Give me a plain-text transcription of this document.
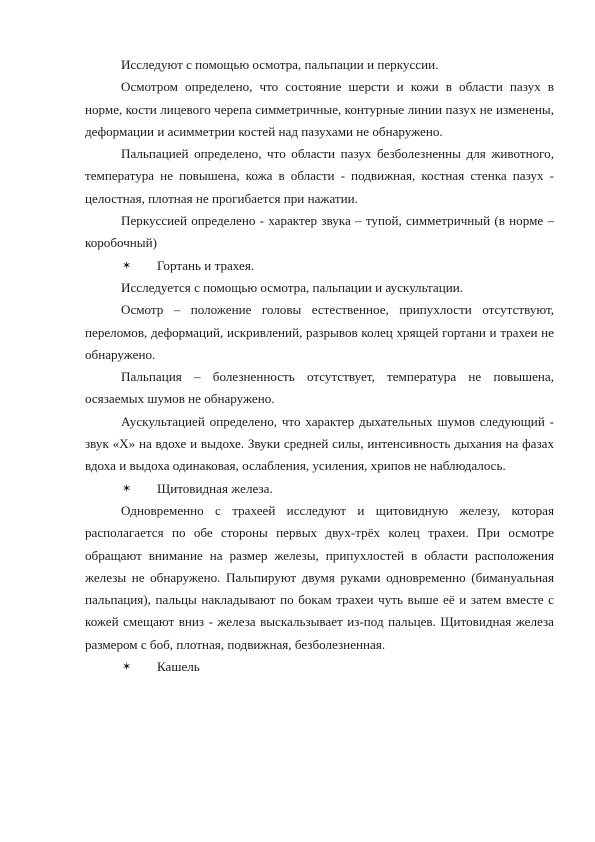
Исследуют с помощью осмотра, пальпации и перкуссии.

Осмотром определено, что состояние шерсти и кожи в области пазух в норме, кости лицевого черепа симметричные, контурные линии пазух не изменены, деформации и асимметрии костей над пазухами не обнаружено.

Пальпацией определено, что области пазух безболезненны для животного, температура не повышена, кожа в области - подвижная, костная стенка пазух - целостная, плотная не прогибается при нажатии.

Перкуссией определено - характер звука – тупой, симметричный (в норме – коробочный)

✶ Гортань и трахея.

Исследуется с помощью осмотра, пальпации и аускультации.

Осмотр – положение головы естественное, припухлости отсутствуют, переломов, деформаций, искривлений, разрывов колец хрящей гортани и трахеи не обнаружено.

Пальпация – болезненность отсутствует, температура не повышена, осязаемых шумов не обнаружено.

Аускультацией определено, что характер дыхательных шумов следующий - звук «Х» на вдохе и выдохе. Звуки средней силы, интенсивность дыхания на фазах вдоха и выдоха одинаковая, ослабления, усиления, хрипов не наблюдалось.

✶ Щитовидная железа.

Одновременно с трахеей исследуют и щитовидную железу, которая располагается по обе стороны первых двух-трёх колец трахеи. При осмотре обращают внимание на размер железы, припухлостей в области расположения железы не обнаружено. Пальпируют двумя руками одновременно (бимануальная пальпация), пальцы накладывают по бокам трахеи чуть выше её и затем вместе с кожей смещают вниз - железа выскальзывает из-под пальцев. Щитовидная железа размером с боб, плотная, подвижная, безболезненная.

✶ Кашель
